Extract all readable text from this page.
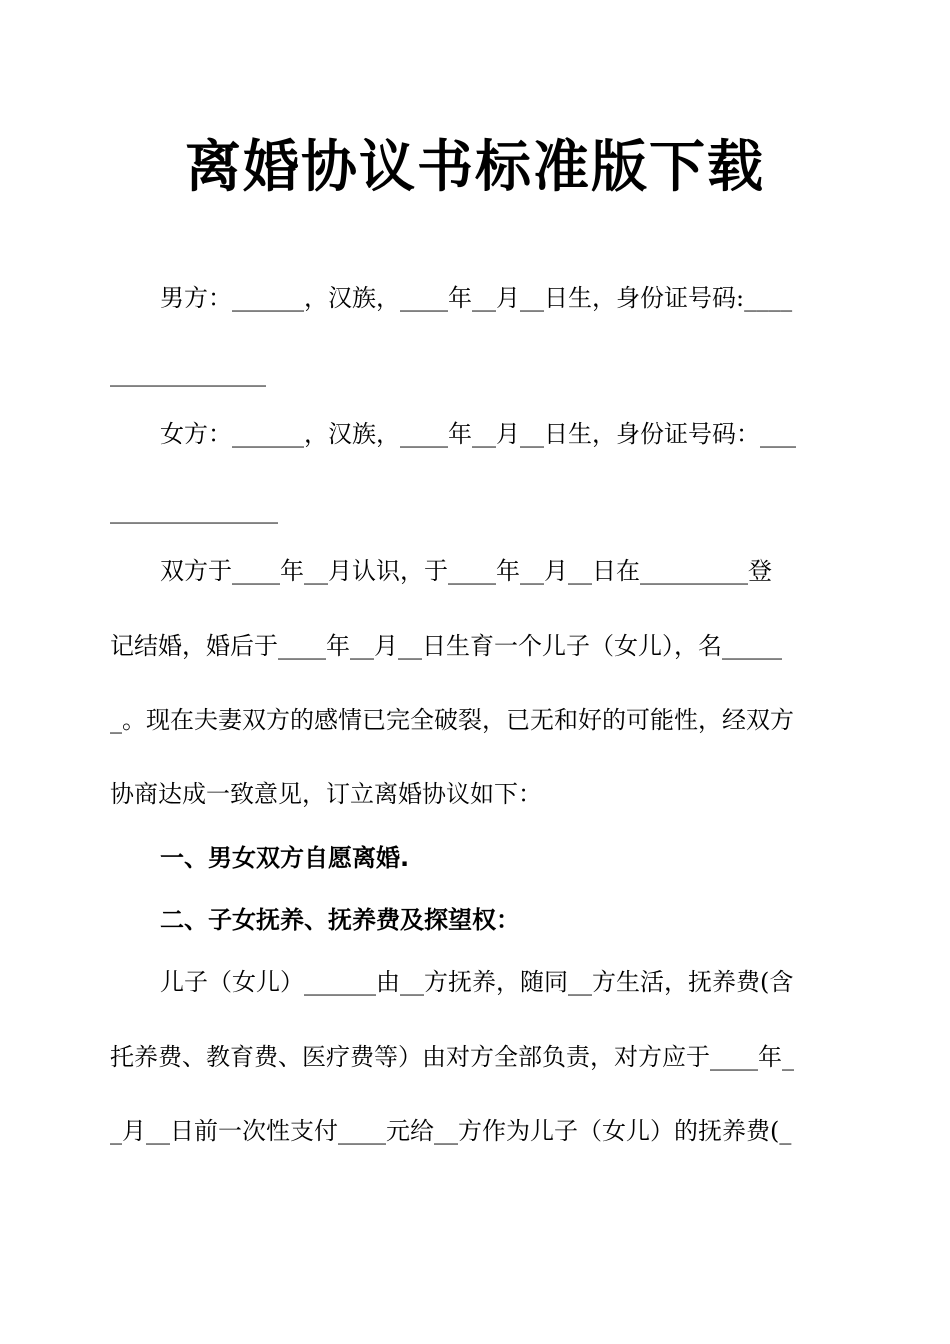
离婚协议书标准版下载
男方：______，汉族，____年__月__日生，身份证号码:____
_____________
女方：______，汉族，____年__月__日生，身份证号码：___
______________
双方于____年__月认识，于____年__月__日在_________登
记结婚，婚后于____年__月__日生育一个儿子（女儿），名_____
_。现在夫妻双方的感情已完全破裂，已无和好的可能性，经双方
协商达成一致意见，订立离婚协议如下：
一、男女双方自愿离婚.
二、子女抚养、抚养费及探望权：
儿子（女儿）______由__方抚养，随同__方生活，抚养费(含
托养费、教育费、医疗费等）由对方全部负责，对方应于____年_
_月__日前一次性支付____元给__方作为儿子（女儿）的抚养费(_
